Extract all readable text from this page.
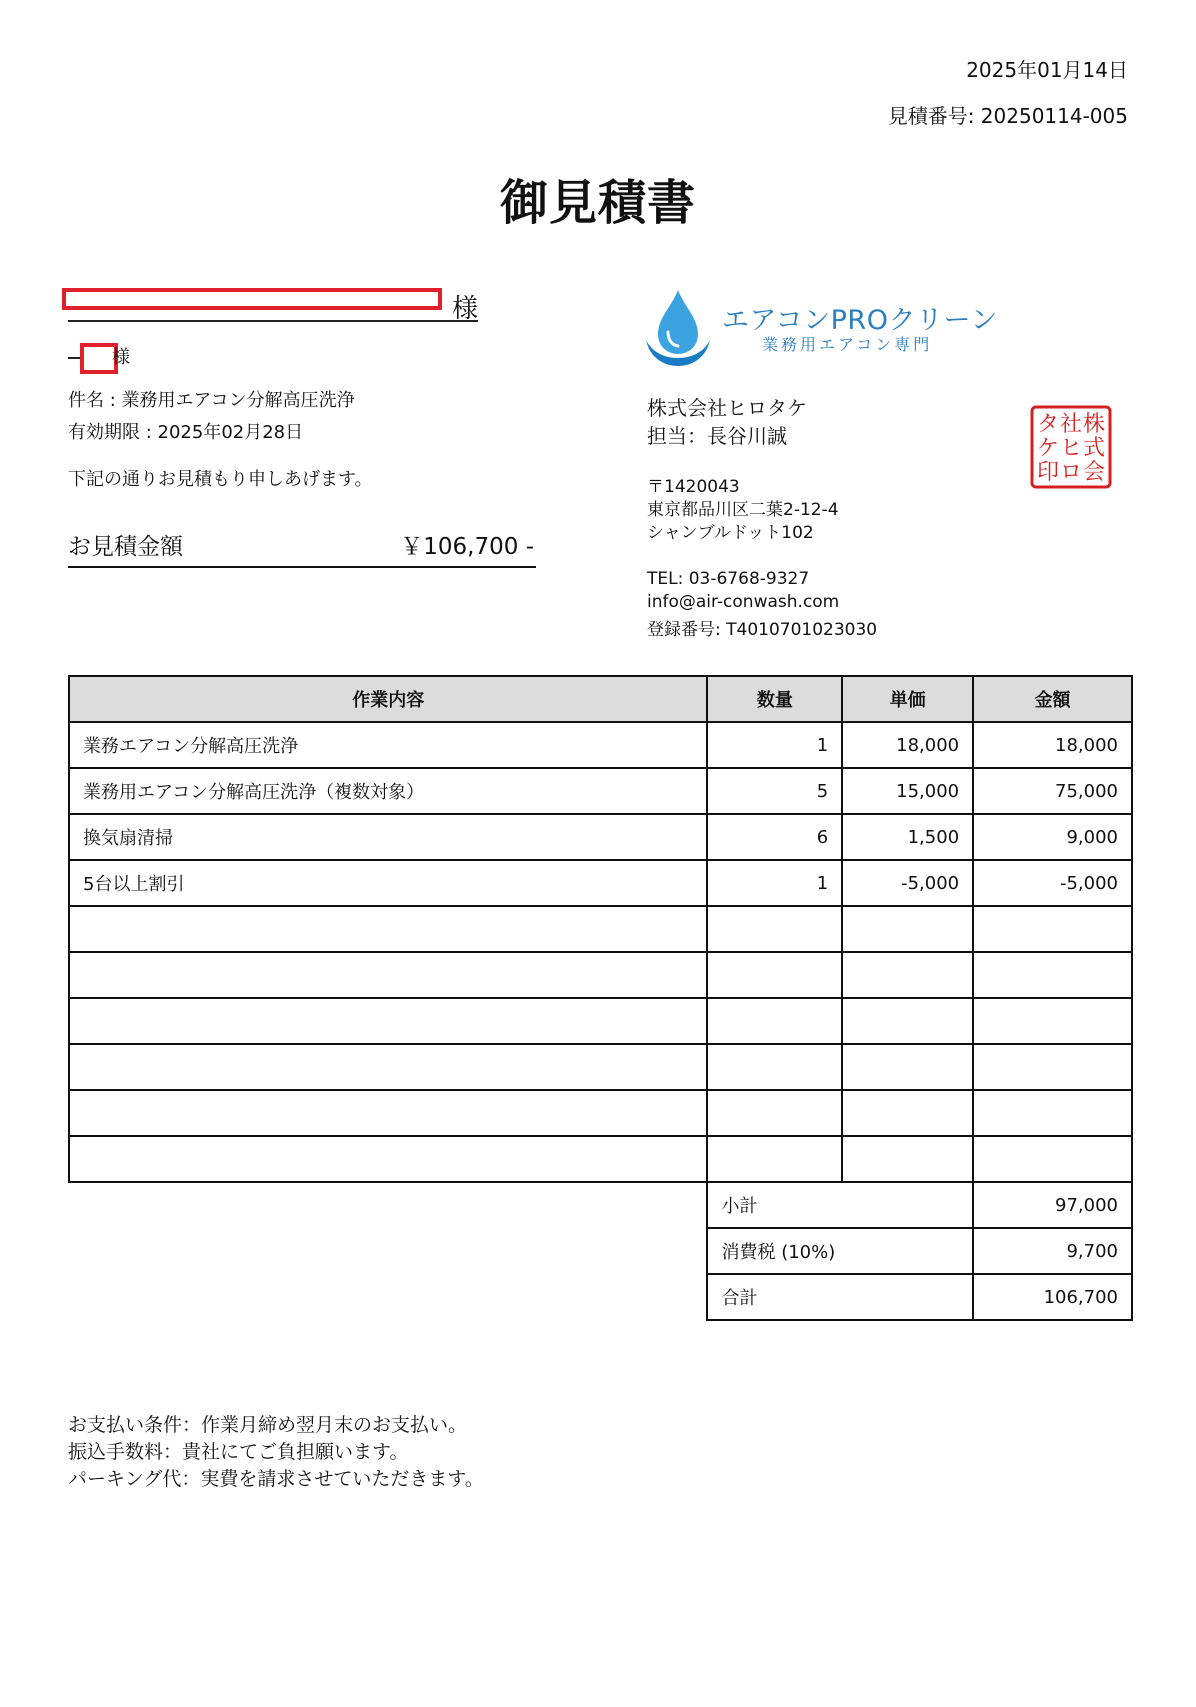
2025年01月14日
見積番号: 20250114-005
御見積書
様
様
件名 : 業務用エアコン分解高圧洗浄
有効期限 : 2025年02月28日
下記の通りお見積もり申しあげます。
お見積金額	￥106,700 -
エアコンPROクリーン
業務用エアコン専門
株式会社ヒロタケ
担当：長谷川誠
〒1420043
東京都品川区二葉2-12-4
シャンブルドット102
TEL: 03-6768-9327
info@air-conwash.com
登録番号: T4010701023030
株
式
会
社
ヒ
ロ
タ
ケ
印
作業内容	数量	単価	金額
業務エアコン分解高圧洗浄	1	18,000	18,000
業務用エアコン分解高圧洗浄（複数対象）	5	15,000	75,000
換気扇清掃	6	1,500	9,000
5台以上割引	1	-5,000	-5,000

	小計		97,000
	消費税 (10%)		9,700
	合計		106,700
お支払い条件：作業月締め翌月末のお支払い。
振込手数料：貴社にてご負担願います。
パーキング代：実費を請求させていただきます。
